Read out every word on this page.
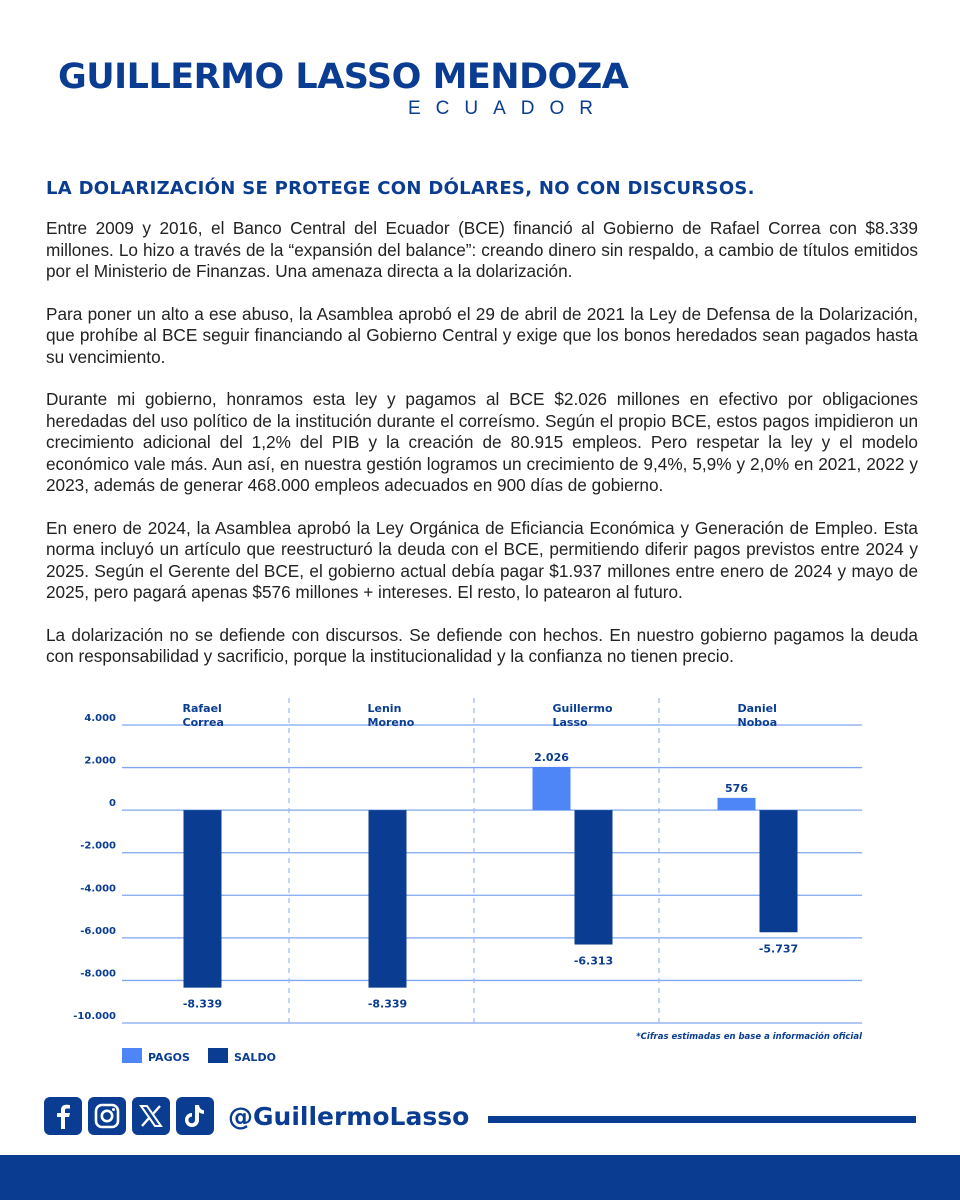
GUILLERMO LASSO MENDOZA
ECUADOR
LA DOLARIZACIÓN SE PROTEGE CON DÓLARES, NO CON DISCURSOS.

Entre 2009 y 2016, el Banco Central del Ecuador (BCE) financió al Gobierno de Rafael Correa con $8.339 millones. Lo hizo a través de la “expansión del balance”: creando dinero sin respaldo, a cambio de títulos emitidos por el Ministerio de Finanzas. Una amenaza directa a la dolarización.

Para poner un alto a ese abuso, la Asamblea aprobó el 29 de abril de 2021 la Ley de Defensa de la Dolarización, que prohíbe al BCE seguir financiando al Gobierno Central y exige que los bonos heredados sean pagados hasta su vencimiento.

Durante mi gobierno, honramos esta ley y pagamos al BCE $2.026 millones en efectivo por obligaciones heredadas del uso político de la institución durante el correísmo. Según el propio BCE, estos pagos impidieron un crecimiento adicional del 1,2% del PIB y la creación de 80.915 empleos. Pero respetar la ley y el modelo económico vale más. Aun así, en nuestra gestión logramos un crecimiento de 9,4%, 5,9% y 2,0% en 2021, 2022 y 2023, además de generar 468.000 empleos adecuados en 900 días de gobierno.

En enero de 2024, la Asamblea aprobó la Ley Orgánica de Eficiancia Económica y Generación de Empleo. Esta norma incluyó un artículo que reestructuró la deuda con el BCE, permitiendo diferir pagos previstos entre 2024 y 2025. Según el Gerente del BCE, el gobierno actual debía pagar $1.937 millones entre enero de 2024 y mayo de 2025, pero pagará apenas $576 millones + intereses. El resto, lo patearon al futuro.

La dolarización no se defiende con discursos. Se defiende con hechos. En nuestro gobierno pagamos la deuda con responsabilidad y sacrificio, porque la institucionalidad y la confianza no tienen precio.

4.000
2.000
0
-2.000
-4.000
-6.000
-8.000
-10.000
Rafael
Correa
-8.339
Lenin
Moreno
-8.339
Guillermo
Lasso
2.026
-6.313
Daniel
Noboa
576
-5.737
*Cifras estimadas en base a información oficial
PAGOS	SALDO
@GuillermoLasso
